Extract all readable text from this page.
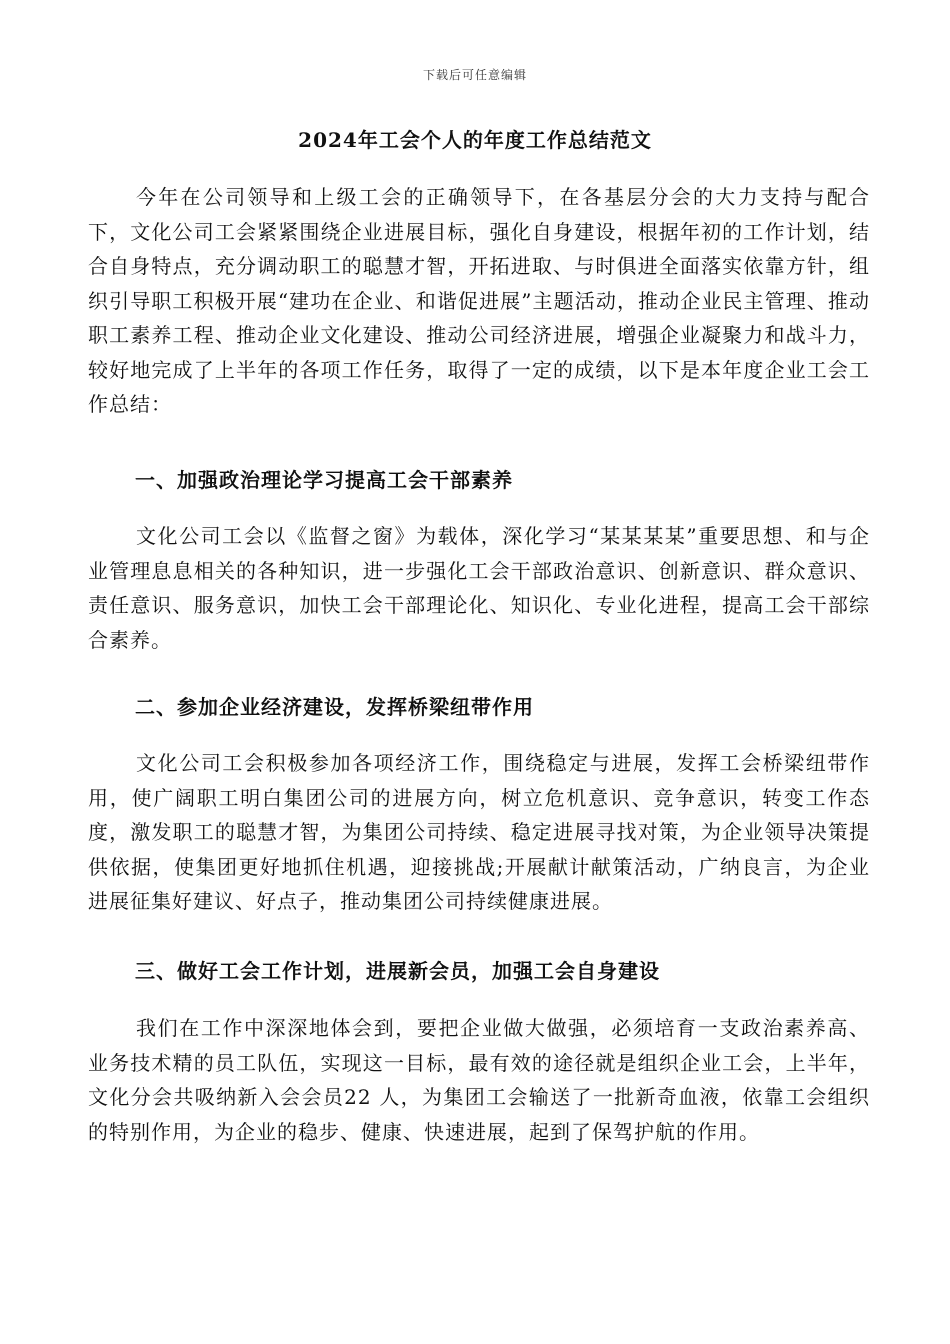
下载后可任意编辑
2024年工会个人的年度工作总结范文

今年在公司领导和上级工会的正确领导下，在各基层分会的大力支持与配合下，文化公司工会紧紧围绕企业进展目标，强化自身建设，根据年初的工作计划，结合自身特点，充分调动职工的聪慧才智，开拓进取、与时俱进全面落实依靠方针，组织引导职工积极开展“建功在企业、和谐促进展”主题活动，推动企业民主管理、推动职工素养工程、推动企业文化建设、推动公司经济进展，增强企业凝聚力和战斗力，较好地完成了上半年的各项工作任务，取得了一定的成绩，以下是本年度企业工会工作总结：

一、加强政治理论学习提高工会干部素养

文化公司工会以《监督之窗》为载体，深化学习“某某某某”重要思想、和与企业管理息息相关的各种知识，进一步强化工会干部政治意识、创新意识、群众意识、责任意识、服务意识，加快工会干部理论化、知识化、专业化进程，提高工会干部综合素养。

二、参加企业经济建设，发挥桥梁纽带作用

文化公司工会积极参加各项经济工作，围绕稳定与进展，发挥工会桥梁纽带作用，使广阔职工明白集团公司的进展方向，树立危机意识、竞争意识，转变工作态度，激发职工的聪慧才智，为集团公司持续、稳定进展寻找对策，为企业领导决策提供依据，使集团更好地抓住机遇，迎接挑战;开展献计献策活动，广纳良言，为企业进展征集好建议、好点子，推动集团公司持续健康进展。

三、做好工会工作计划，进展新会员，加强工会自身建设

我们在工作中深深地体会到，要把企业做大做强，必须培育一支政治素养高、业务技术精的员工队伍，实现这一目标，最有效的途径就是组织企业工会，上半年，文化分会共吸纳新入会会员22 人，为集团工会输送了一批新奇血液，依靠工会组织的特别作用，为企业的稳步、健康、快速进展，起到了保驾护航的作用。
